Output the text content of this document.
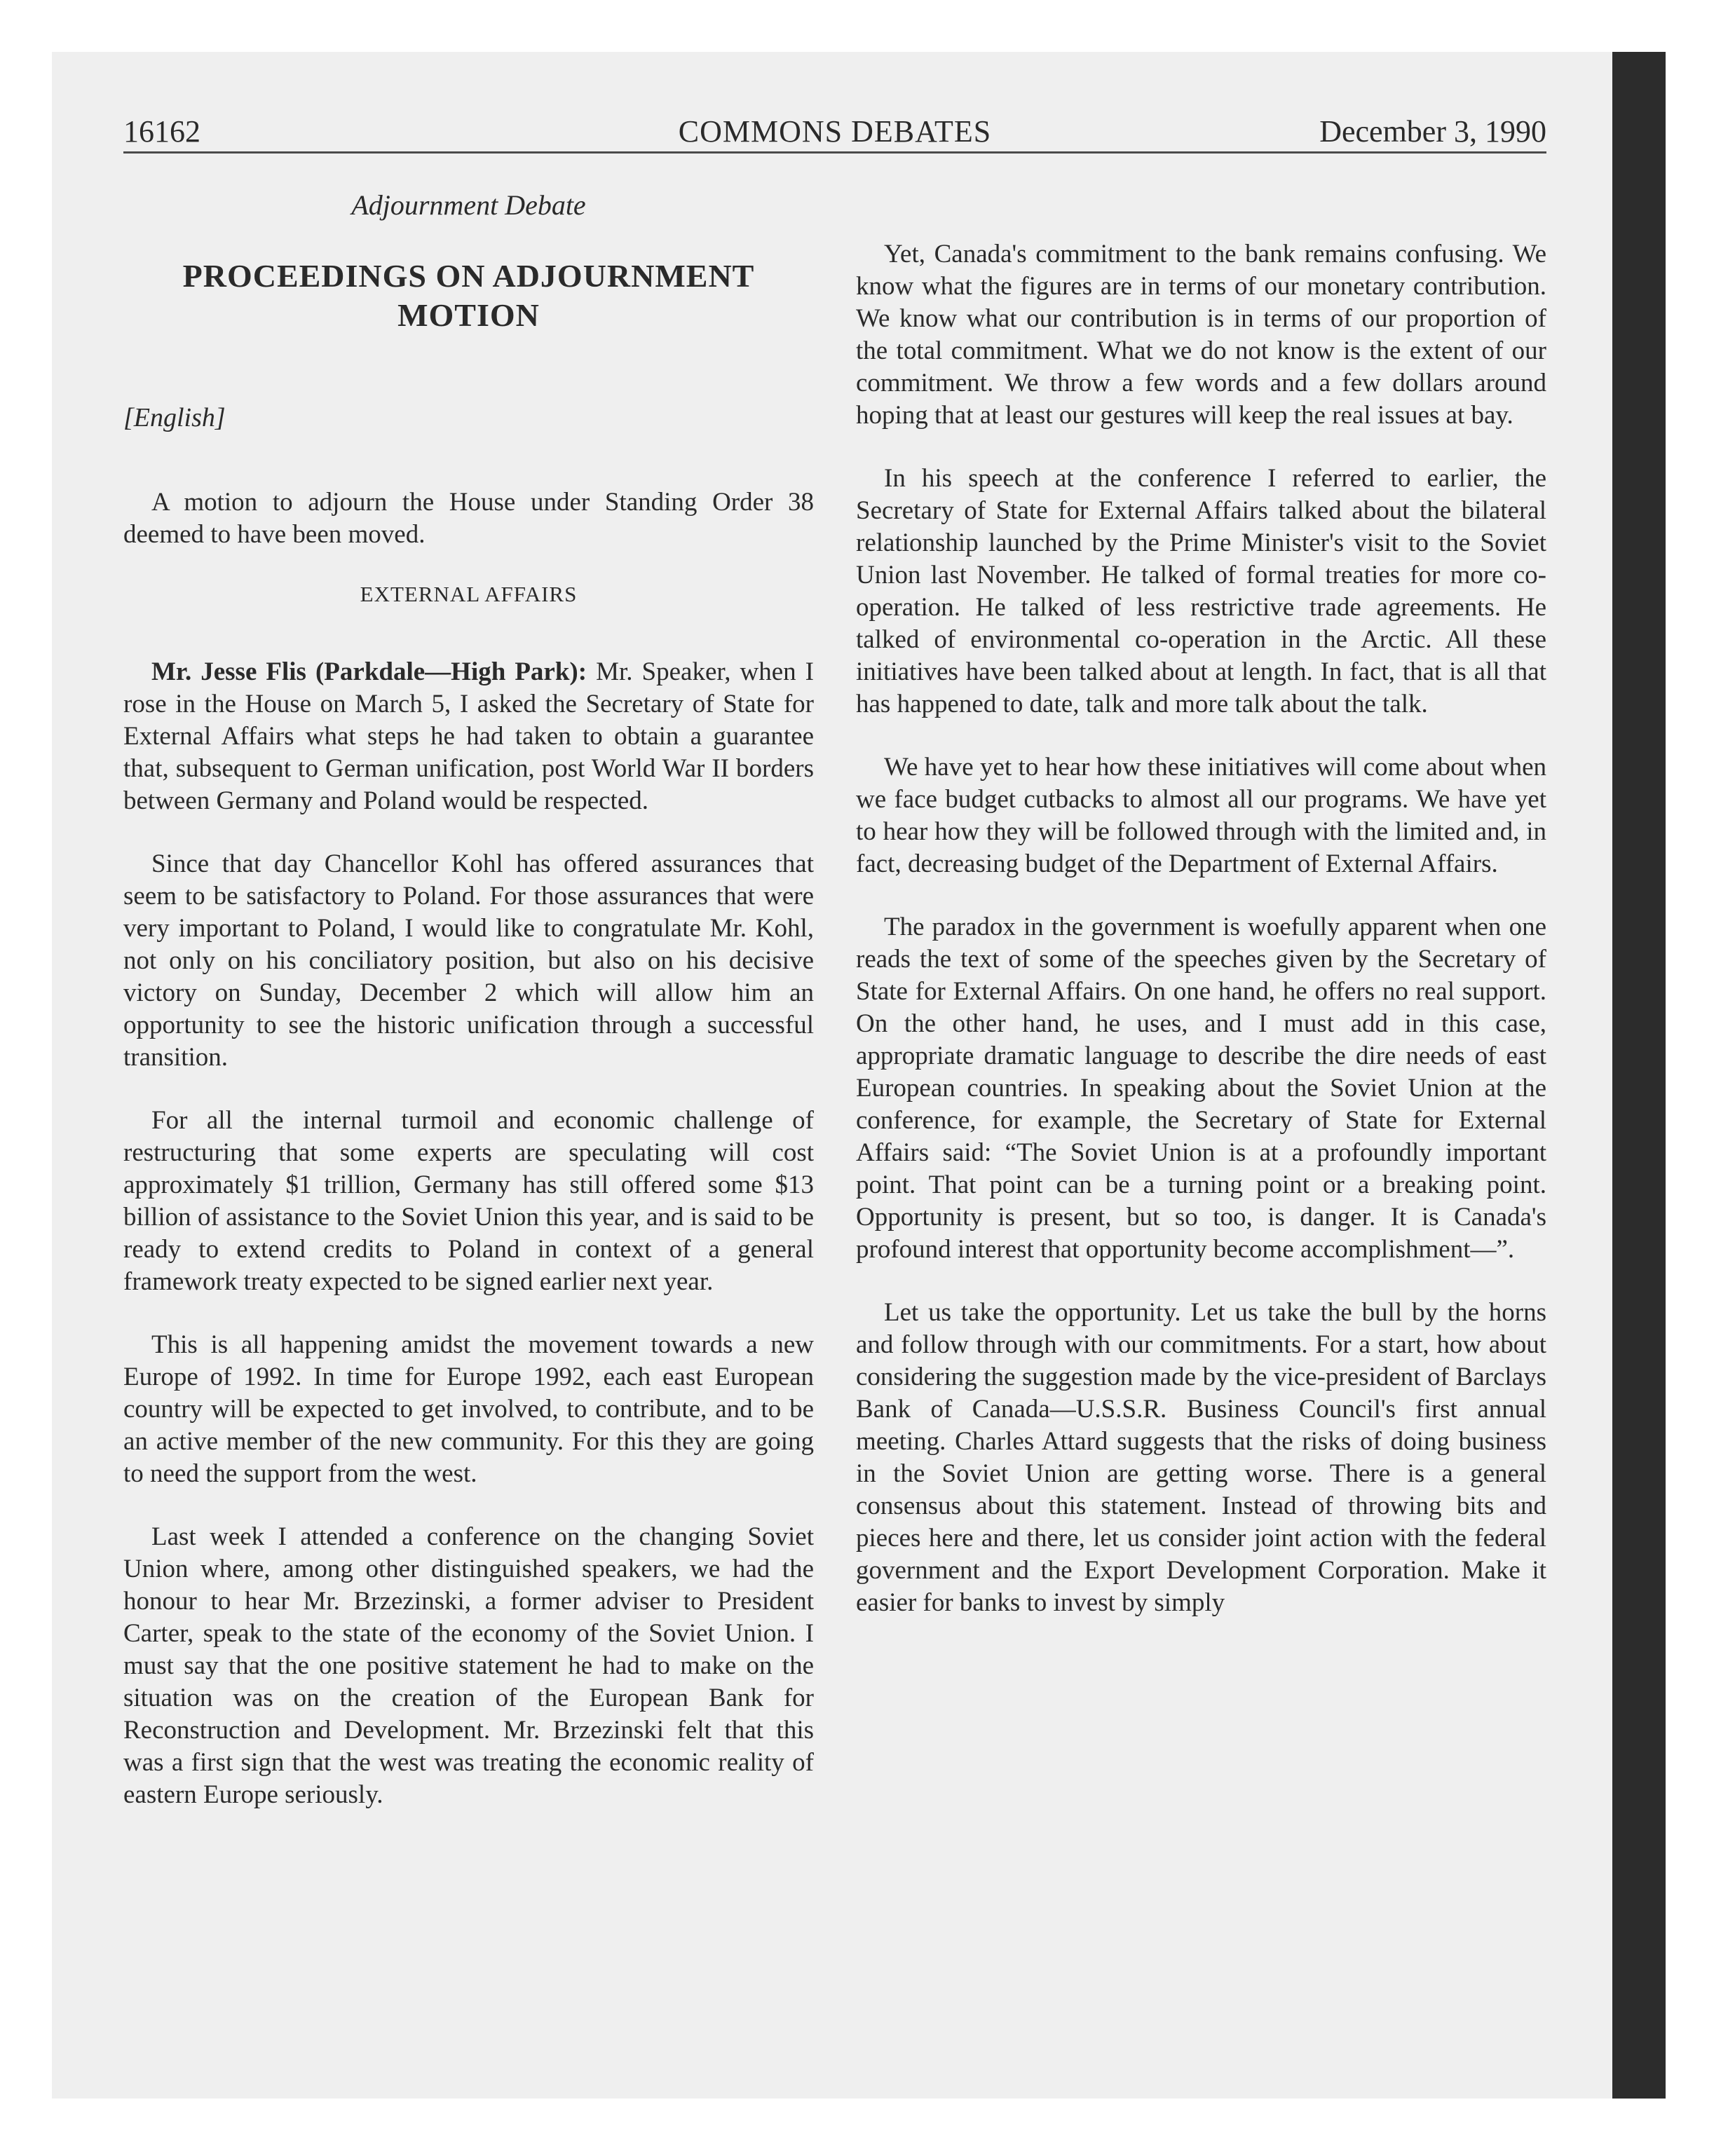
16162	COMMONS DEBATES	December 3, 1990
Adjournment Debate
PROCEEDINGS ON ADJOURNMENT MOTION
[English]

A motion to adjourn the House under Standing Order 38 deemed to have been moved.

EXTERNAL AFFAIRS

Mr. Jesse Flis (Parkdale—High Park): Mr. Speaker, when I rose in the House on March 5, I asked the Secretary of State for External Affairs what steps he had taken to obtain a guarantee that, subsequent to German unification, post World War II borders between Germany and Poland would be respected.

Since that day Chancellor Kohl has offered assurances that seem to be satisfactory to Poland. For those assurances that were very important to Poland, I would like to congratulate Mr. Kohl, not only on his conciliatory position, but also on his decisive victory on Sunday, December 2 which will allow him an opportunity to see the historic unification through a successful transition.

For all the internal turmoil and economic challenge of restructuring that some experts are speculating will cost approximately $1 trillion, Germany has still offered some $13 billion of assistance to the Soviet Union this year, and is said to be ready to extend credits to Poland in context of a general framework treaty expected to be signed earlier next year.

This is all happening amidst the movement towards a new Europe of 1992. In time for Europe 1992, each east European country will be expected to get involved, to contribute, and to be an active member of the new community. For this they are going to need the support from the west.

Last week I attended a conference on the changing Soviet Union where, among other distinguished speakers, we had the honour to hear Mr. Brzezinski, a former adviser to President Carter, speak to the state of the economy of the Soviet Union. I must say that the one positive statement he had to make on the situation was on the creation of the European Bank for Reconstruction and Development. Mr. Brzezinski felt that this was a first sign that the west was treating the economic reality of eastern Europe seriously.

Yet, Canada's commitment to the bank remains confusing. We know what the figures are in terms of our monetary contribution. We know what our contribution is in terms of our proportion of the total commitment. What we do not know is the extent of our commitment. We throw a few words and a few dollars around hoping that at least our gestures will keep the real issues at bay.

In his speech at the conference I referred to earlier, the Secretary of State for External Affairs talked about the bilateral relationship launched by the Prime Minister's visit to the Soviet Union last November. He talked of formal treaties for more co-operation. He talked of less restrictive trade agreements. He talked of environmental co-operation in the Arctic. All these initiatives have been talked about at length. In fact, that is all that has happened to date, talk and more talk about the talk.

We have yet to hear how these initiatives will come about when we face budget cutbacks to almost all our programs. We have yet to hear how they will be followed through with the limited and, in fact, decreasing budget of the Department of External Affairs.

The paradox in the government is woefully apparent when one reads the text of some of the speeches given by the Secretary of State for External Affairs. On one hand, he offers no real support. On the other hand, he uses, and I must add in this case, appropriate dramatic language to describe the dire needs of east European countries. In speaking about the Soviet Union at the conference, for example, the Secretary of State for External Affairs said: “The Soviet Union is at a profoundly important point. That point can be a turning point or a breaking point. Opportunity is present, but so too, is danger. It is Canada's profound interest that opportunity become accomplishment—”.

Let us take the opportunity. Let us take the bull by the horns and follow through with our commitments. For a start, how about considering the suggestion made by the vice-president of Barclays Bank of Canada—U.S.S.R. Business Council's first annual meeting. Charles Attard suggests that the risks of doing business in the Soviet Union are getting worse. There is a general consensus about this statement. Instead of throwing bits and pieces here and there, let us consider joint action with the federal government and the Export Development Corporation. Make it easier for banks to invest by simply
